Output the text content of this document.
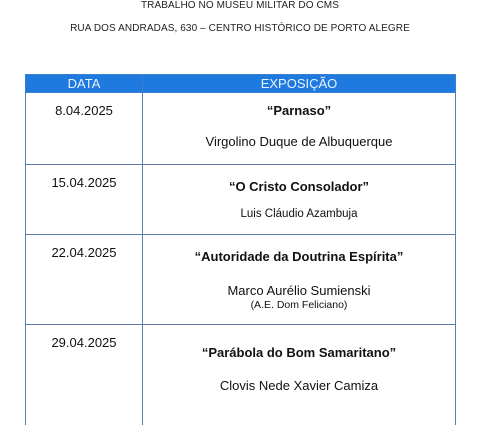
TRABALHO NO MUSEU MILITAR DO CMS
RUA DOS ANDRADAS, 630 – CENTRO HISTÓRICO DE PORTO ALEGRE
DATA	EXPOSIÇÃO
8.04.2025	“Parnaso”
Virgolino Duque de Albuquerque

15.04.2025	“O Cristo Consolador”
Luis Cláudio Azambuja

22.04.2025	“Autoridade da Doutrina Espírita”
Marco Aurélio Sumienski
(A.E. Dom Feliciano)

29.04.2025	“Parábola do Bom Samaritano”
Clovis Nede Xavier Camiza
